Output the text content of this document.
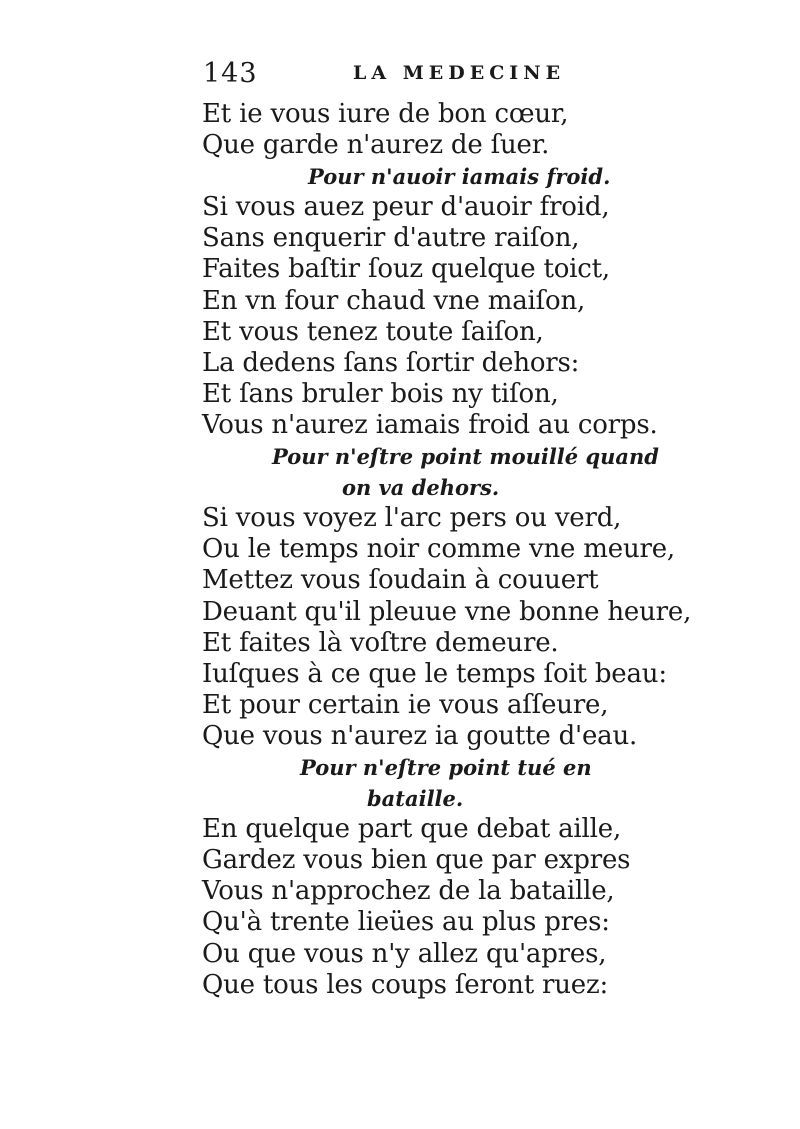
143	LA MEDECINE
Et ie vous iure de bon cœur,
Que garde n'aurez de ſuer.
Pour n'auoir iamais froid.
Si vous auez peur d'auoir froid,
Sans enquerir d'autre raiſon,
Faites baſtir ſouz quelque toict,
En vn four chaud vne maiſon,
Et vous tenez toute ſaiſon,
La dedens ſans ſortir dehors:
Et ſans bruler bois ny tiſon,
Vous n'aurez iamais froid au corps.
Pour n'eſtre point mouillé quand
on va dehors.
Si vous voyez l'arc pers ou verd,
Ou le temps noir comme vne meure,
Mettez vous ſoudain à couuert
Deuant qu'il pleuue vne bonne heure,
Et faites là voſtre demeure.
Iuſques à ce que le temps ſoit beau:
Et pour certain ie vous aſſeure,
Que vous n'aurez ia goutte d'eau.
Pour n'eſtre point tué en
bataille.
En quelque part que debat aille,
Gardez vous bien que par expres
Vous n'approchez de la bataille,
Qu'à trente lieües au plus pres:
Ou que vous n'y allez qu'apres,
Que tous les coups ſeront ruez:
